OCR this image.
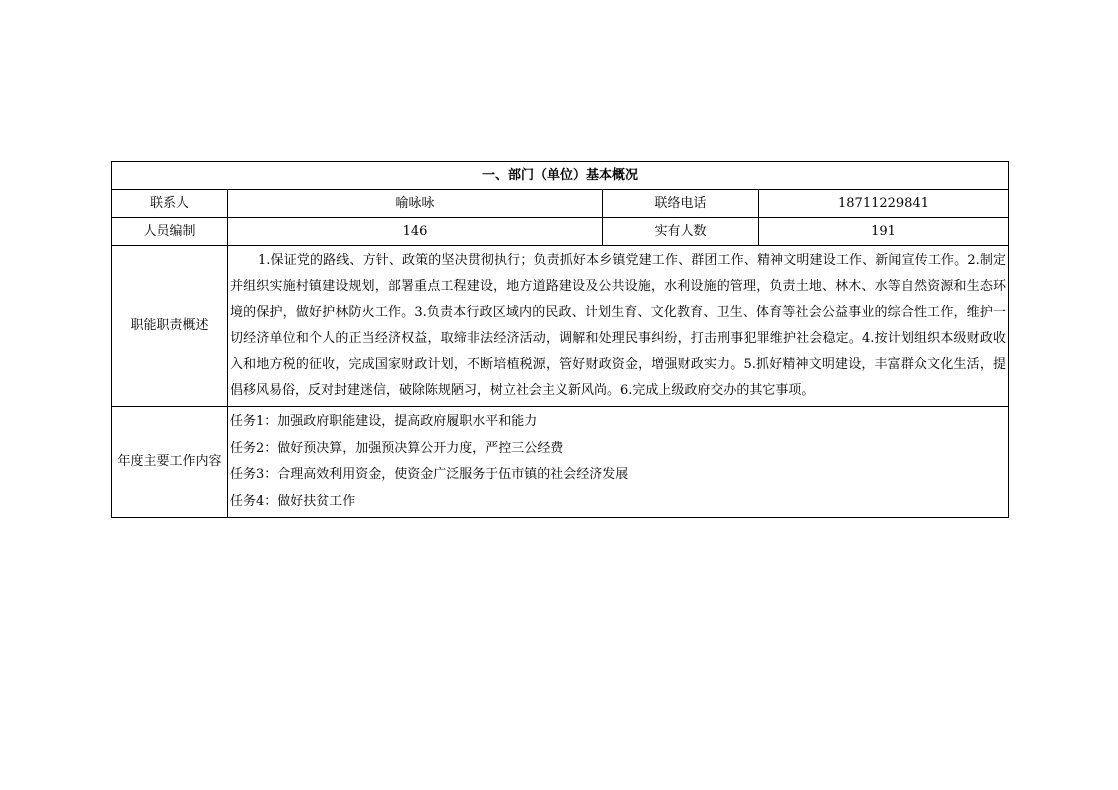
一、部门（单位）基本概况			
联系人	喻咏咏	联络电话	18711229841
人员编制	146	实有人数	191
职能职责概述	1.保证党的路线、方针、政策的坚决贯彻执行；负责抓好本乡镇党建工作、群团工作、精神文明建设工作、新闻宣传工作。2.制定并组织实施村镇建设规划，部署重点工程建设，地方道路建设及公共设施，水利设施的管理，负责土地、林木、水等自然资源和生态环境的保护，做好护林防火工作。3.负责本行政区域内的民政、计划生育、文化教育、卫生、体育等社会公益事业的综合性工作，维护一切经济单位和个人的正当经济权益，取缔非法经济活动，调解和处理民事纠纷，打击刑事犯罪维护社会稳定。4.按计划组织本级财政收入和地方税的征收，完成国家财政计划，不断培植税源，管好财政资金，增强财政实力。5.抓好精神文明建设，丰富群众文化生活，提倡移风易俗，反对封建迷信，破除陈规陋习，树立社会主义新风尚。6.完成上级政府交办的其它事项。		

年度主要工作内容	任务1：加强政府职能建设，提高政府履职水平和能力
任务2：做好预决算，加强预决算公开力度，严控三公经费
任务3：合理高效利用资金，使资金广泛服务于伍市镇的社会经济发展
任务4：做好扶贫工作		
